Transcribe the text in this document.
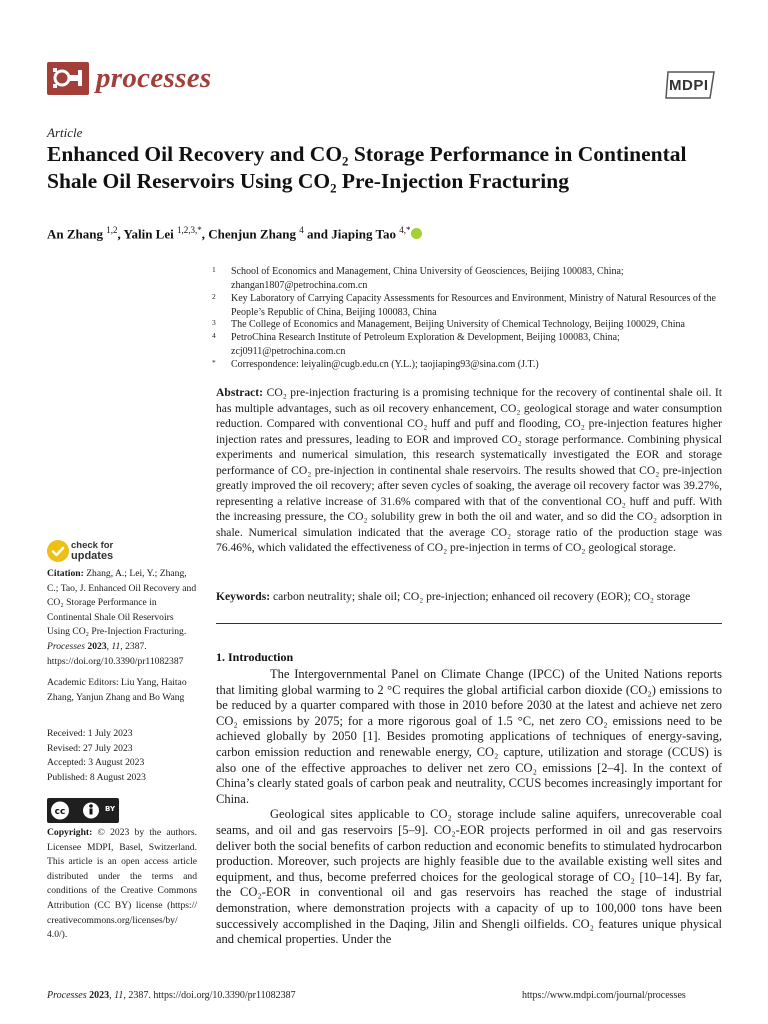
processes	MDPI
Article
Enhanced Oil Recovery and CO₂ Storage Performance in Continental Shale Oil Reservoirs Using CO₂ Pre-Injection Fracturing
An Zhang $^{1,2}$, Yalin Lei $^{1,2,3,*}$, Chenjun Zhang $^4$ and Jiaping Tao $^{4,*}$
1	School of Economics and Management, China University of Geosciences, Beijing 100083, China; zhangan1807@petrochina.com.cn
2	Key Laboratory of Carrying Capacity Assessments for Resources and Environment, Ministry of Natural Resources of the People’s Republic of China, Beijing 100083, China
3	The College of Economics and Management, Beijing University of Chemical Technology, Beijing 100029, China
4	PetroChina Research Institute of Petroleum Exploration & Development, Beijing 100083, China; zcj0911@petrochina.com.cn
*	Correspondence: leiyalin@cugb.edu.cn (Y.L.); taojiaping93@sina.com (J.T.)
Abstract: CO₂ pre-injection fracturing is a promising technique for the recovery of continental shale oil. It has multiple advantages, such as oil recovery enhancement, CO₂ geological storage and water consumption reduction. Compared with conventional CO₂ huff and puff and flooding, CO₂ pre-injection features higher injection rates and pressures, leading to EOR and improved CO₂ storage performance. Combining physical experiments and numerical simulation, this research systematically investigated the EOR and storage performance of CO₂ pre-injection in continental shale reservoirs. The results showed that CO₂ pre-injection greatly improved the oil recovery; after seven cycles of soaking, the average oil recovery factor was 39.27%, representing a relative increase of 31.6% compared with that of the conventional CO₂ huff and puff. With the increasing pressure, the CO₂ solubility grew in both the oil and water, and so did the CO₂ adsorption in shale. Numerical simulation indicated that the average CO₂ storage ratio of the production stage was 76.46%, which validated the effectiveness of CO₂ pre-injection in terms of CO₂ geological storage.
Keywords: carbon neutrality; shale oil; CO₂ pre-injection; enhanced oil recovery (EOR); CO₂ storage
check for
updates
Citation: Zhang, A.; Lei, Y.; Zhang, C.; Tao, J. Enhanced Oil Recovery and CO₂ Storage Performance in Continental Shale Oil Reservoirs Using CO₂ Pre-Injection Fracturing. Processes 2023, 11, 2387. https://doi.org/10.3390/pr11082387
Academic Editors: Liu Yang, Haitao Zhang, Yanjun Zhang and Bo Wang
Received: 1 July 2023
Revised: 27 July 2023
Accepted: 3 August 2023
Published: 8 August 2023
cc	BY
Copyright: © 2023 by the authors. Licensee MDPI, Basel, Switzerland. This article is an open access article distributed under the terms and conditions of the Creative Commons Attribution (CC BY) license (https:// creativecommons.org/licenses/by/ 4.0/).
1. Introduction

The Intergovernmental Panel on Climate Change (IPCC) of the United Nations reports that limiting global warming to 2 °C requires the global artificial carbon dioxide (CO₂) emissions to be reduced by a quarter compared with those in 2010 before 2030 at the latest and achieve net zero CO₂ emissions by 2075; for a more rigorous goal of 1.5 °C, net zero CO₂ emissions need to be achieved globally by 2050 [1]. Besides promoting applications of techniques of energy-saving, carbon emission reduction and renewable energy, CO₂ capture, utilization and storage (CCUS) is also one of the effective approaches to deliver net zero CO₂ emissions [2–4]. In the context of China’s clearly stated goals of carbon peak and neutrality, CCUS becomes increasingly important for China.

Geological sites applicable to CO₂ storage include saline aquifers, unrecoverable coal seams, and oil and gas reservoirs [5–9]. CO₂-EOR projects performed in oil and gas reservoirs deliver both the social benefits of carbon reduction and economic benefits to stimulated hydrocarbon production. Moreover, such projects are highly feasible due to the available existing well sites and equipment, and thus, become preferred choices for the geological storage of CO₂ [10–14]. By far, the CO₂-EOR in conventional oil and gas reservoirs has reached the stage of industrial demonstration, where demonstration projects with a capacity of up to 100,000 tons have been successively accomplished in the Daqing, Jilin and Shengli oilfields. CO₂ features unique physical and chemical properties. Under the

Processes 2023, 11, 2387. https://doi.org/10.3390/pr11082387	https://www.mdpi.com/journal/processes
